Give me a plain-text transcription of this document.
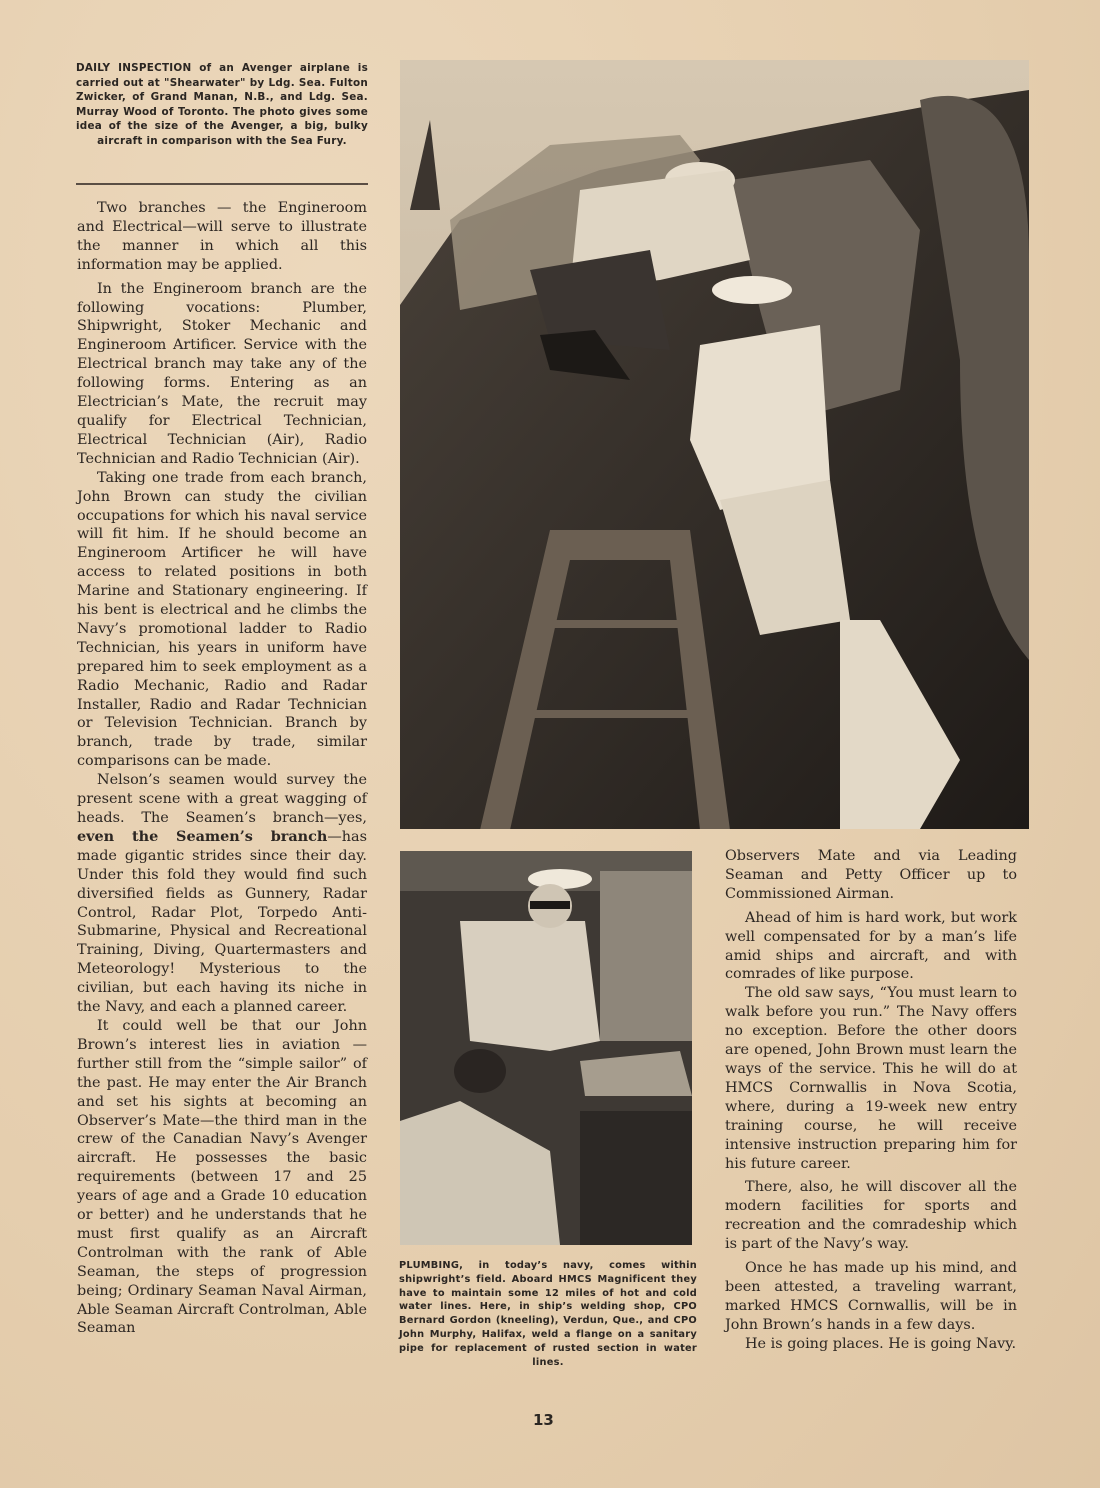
DAILY INSPECTION of an Avenger airplane is carried out at "Shearwater" by Ldg. Sea. Fulton Zwicker, of Grand Manan, N.B., and Ldg. Sea. Murray Wood of Toronto. The photo gives some idea of the size of the Avenger, a big, bulky aircraft in comparison with the Sea Fury.

Two branches — the Engineroom and Electrical—will serve to illustrate the manner in which all this information may be applied.

In the Engineroom branch are the following vocations: Plumber, Shipwright, Stoker Mechanic and Engineroom Artificer. Service with the Electrical branch may take any of the following forms. Entering as an Electrician’s Mate, the recruit may qualify for Electrical Technician, Electrical Technician (Air), Radio Technician and Radio Technician (Air).

Taking one trade from each branch, John Brown can study the civilian occupations for which his naval service will fit him. If he should become an Engineroom Artificer he will have access to related positions in both Marine and Stationary engineering. If his bent is electrical and he climbs the Navy’s promotional ladder to Radio Technician, his years in uniform have prepared him to seek employment as a Radio Mechanic, Radio and Radar Installer, Radio and Radar Technician or Television Technician. Branch by branch, trade by trade, similar comparisons can be made.

Nelson’s seamen would survey the present scene with a great wagging of heads. The Seamen’s branch—yes, even the Seamen’s branch—has made gigantic strides since their day. Under this fold they would find such diversified fields as Gunnery, Radar Control, Radar Plot, Torpedo Anti-Submarine, Physical and Recreational Training, Diving, Quartermasters and Meteorology! Mysterious to the civilian, but each having its niche in the Navy, and each a planned career.

It could well be that our John Brown’s interest lies in aviation — further still from the “simple sailor” of the past. He may enter the Air Branch and set his sights at becoming an Observer’s Mate—the third man in the crew of the Canadian Navy’s Avenger aircraft. He possesses the basic requirements (between 17 and 25 years of age and a Grade 10 education or better) and he understands that he must first qualify as an Aircraft Controlman with the rank of Able Seaman, the steps of progression being; Ordinary Seaman Naval Airman, Able Seaman Aircraft Controlman, Able Seaman

PLUMBING, in today’s navy, comes within shipwright’s field. Aboard HMCS Magnificent they have to maintain some 12 miles of hot and cold water lines. Here, in ship’s welding shop, CPO Bernard Gordon (kneeling), Verdun, Que., and CPO John Murphy, Halifax, weld a flange on a sanitary pipe for replacement of rusted section in water lines.

Observers Mate and via Leading Seaman and Petty Officer up to Commissioned Airman.

Ahead of him is hard work, but work well compensated for by a man’s life amid ships and aircraft, and with comrades of like purpose.

The old saw says, “You must learn to walk before you run.” The Navy offers no exception. Before the other doors are opened, John Brown must learn the ways of the service. This he will do at HMCS Cornwallis in Nova Scotia, where, during a 19-week new entry training course, he will receive intensive instruction preparing him for his future career.

There, also, he will discover all the modern facilities for sports and recreation and the comradeship which is part of the Navy’s way.

Once he has made up his mind, and been attested, a traveling warrant, marked HMCS Cornwallis, will be in John Brown’s hands in a few days.

He is going places. He is going Navy.

13
